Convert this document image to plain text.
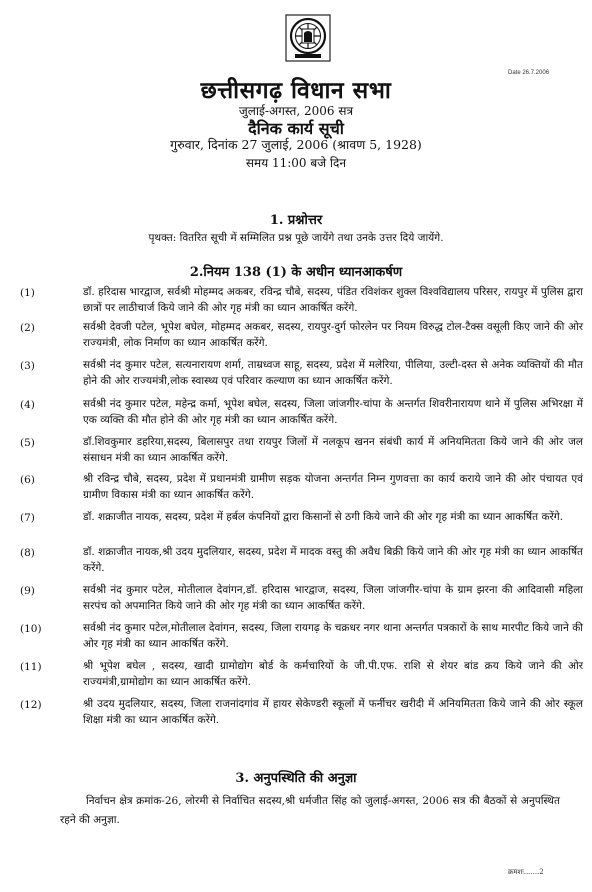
Date 26.7.2006
छत्तीसगढ़ विधान सभा
जुलाई-अगस्त, 2006 सत्र
दैनिक कार्य सूची
गुरुवार, दिनांक 27 जुलाई, 2006 (श्रावण 5, 1928)
समय 11:00 बजे दिन
1. प्रश्नोत्तर
पृथक्त: वितरित सूची में सम्मिलित प्रश्न पूछे जायेंगे तथा उनके उत्तर दिये जायेंगे.
2.नियम 138 (1) के अधीन ध्यानआकर्षण
(1)	डॉ. हरिदास भारद्वाज, सर्वश्री मोहम्मद अकबर, रविन्द्र चौबे, सदस्य, पंडित रविशंकर शुक्ल विश्वविद्यालय परिसर, रायपुर में पुलिस द्वारा छात्रों पर लाठीचार्ज किये जाने की ओर गृह मंत्री का ध्यान आकर्षित करेंगे.
(2)	सर्वश्री देवजी पटेल, भूपेश बघेल, मोहम्मद अकबर, सदस्य, रायपुर-दुर्ग फोरलेन पर नियम विरुद्ध टोल-टैक्स वसूली किए जाने की ओर राज्यमंत्री, लोक निर्माण का ध्यान आकर्षित करेंगे.
(3)	सर्वश्री नंद कुमार पटेल, सत्यनारायण शर्मा, ताम्रध्वज साहू, सदस्य, प्रदेश में मलेरिया, पीलिया, उल्टी-दस्त से अनेक व्यक्तियों की मौत होने की ओर राज्यमंत्री,लोक स्वास्थ्य एवं परिवार कल्याण का ध्यान आकर्षित करेंगे.
(4)	सर्वश्री नंद कुमार पटेल, महेन्द्र कर्मा, भूपेश बघेल, सदस्य, जिला जांजगीर-चांपा के अन्तर्गत शिवरीनारायण थाने में पुलिस अभिरक्षा में एक व्यक्ति की मौत होने की ओर गृह मंत्री का ध्यान आकर्षित करेंगे.
(5)	डॉ.शिवकुमार डहरिया,सदस्य, बिलासपुर तथा रायपुर जिलों में नलकूप खनन संबंधी कार्य में अनियमितता किये जाने की ओर जल संसाधन मंत्री का ध्यान आकर्षित करेंगे.
(6)	श्री रविन्द्र चौबे, सदस्य, प्रदेश में प्रधानमंत्री ग्रामीण सड़क योजना अन्तर्गत निम्न गुणवत्ता का कार्य कराये जाने की ओर पंचायत एवं ग्रामीण विकास मंत्री का ध्यान आकर्षित करेंगे.
(7)	डॉ. शक्राजीत नायक, सदस्य, प्रदेश में हर्बल कंपनियों द्वारा किसानों से ठगी किये जाने की ओर गृह मंत्री का ध्यान आकर्षित करेंगे.
(8)	डॉ. शक्राजीत नायक,श्री उदय मुदलियार, सदस्य, प्रदेश में मादक वस्तु की अवैध बिक्री किये जाने की ओर गृह मंत्री का ध्यान आकर्षित करेंगे.
(9)	सर्वश्री नंद कुमार पटेल, मोतीलाल देवांगन,डॉ. हरिदास भारद्वाज, सदस्य, जिला जांजगीर-चांपा के ग्राम झरना की आदिवासी महिला सरपंच को अपमानित किये जाने की ओर गृह मंत्री का ध्यान आकर्षित करेंगे.
(10)	सर्वश्री नंद कुमार पटेल,मोतीलाल देवांगन, सदस्य, जिला रायगढ़ के चक्रधर नगर थाना अन्तर्गत पत्रकारों के साथ मारपीट किये जाने की ओर गृह मंत्री का ध्यान आकर्षित करेंगे.
(11)	श्री भूपेश बघेल , सदस्य, खादी ग्रामोद्योग बोर्ड के कर्मचारियों के जी.पी.एफ. राशि से शेयर बांड क्रय किये जाने की ओर राज्यमंत्री,ग्रामोद्योग का ध्यान आकर्षित करेंगे.
(12)	श्री उदय मुदलियार, सदस्य, जिला राजनांदगांव में हायर सेकेण्डरी स्कूलों में फर्नीचर खरीदी में अनियमितता किये जाने की ओर स्कूल शिक्षा मंत्री का ध्यान आकर्षित करेंगे.
3. अनुपस्थिति की अनुज्ञा
निर्वाचन क्षेत्र क्रमांक-26, लोरमी से निर्वाचित सदस्य,श्री धर्मजीत सिंह को जुलाई-अगस्त, 2006 सत्र की बैठकों से अनुपस्थित रहने की अनुज्ञा.
क्रमशः.......2
